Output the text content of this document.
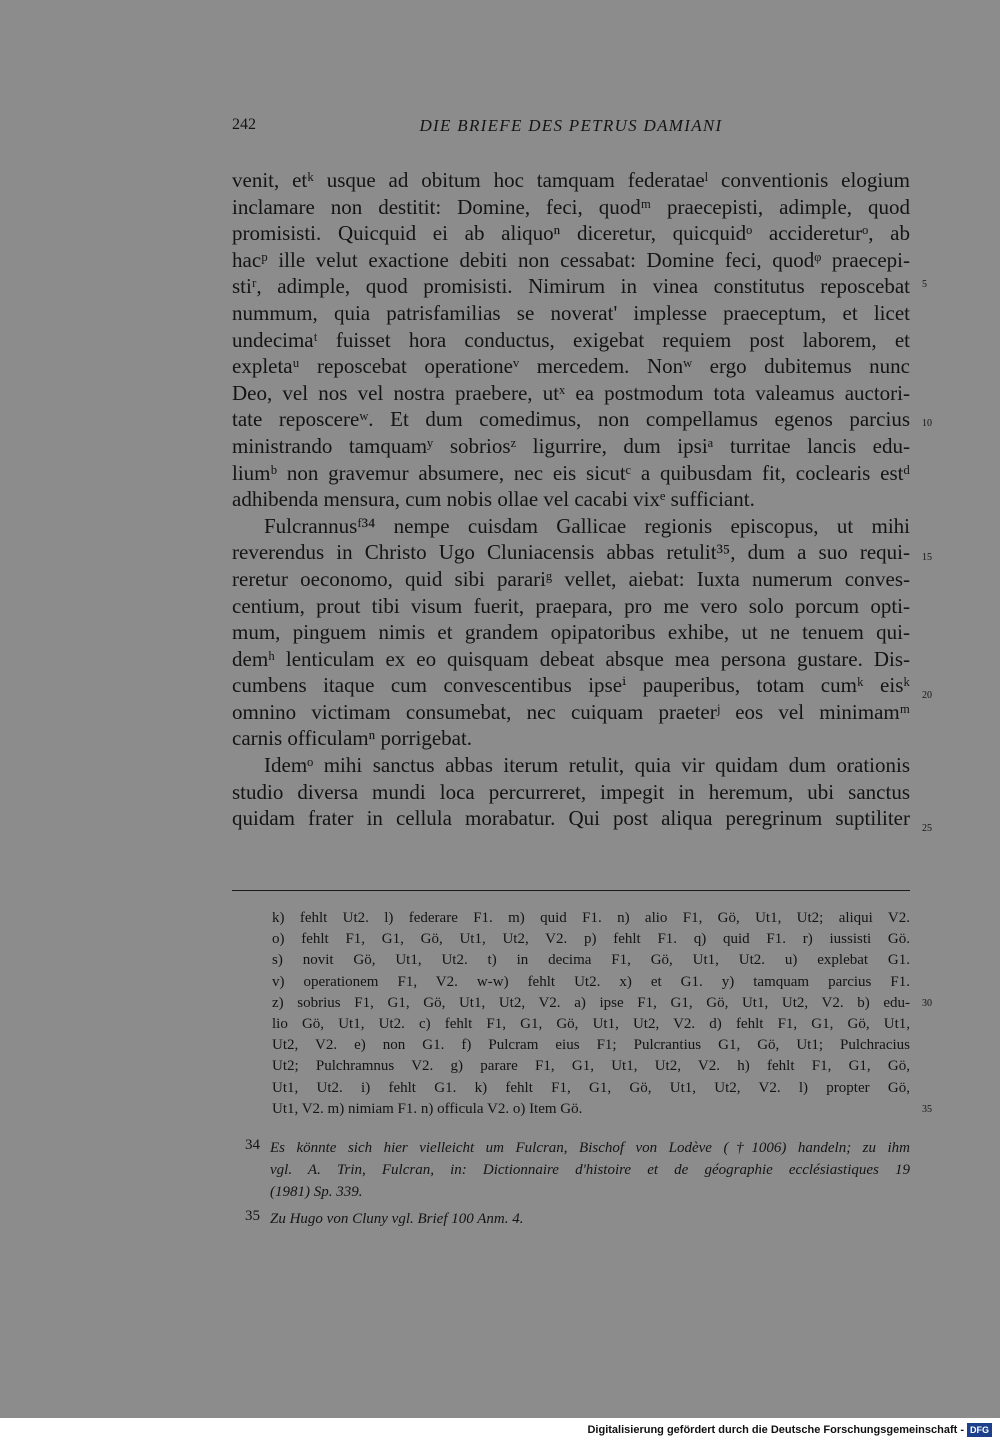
242	DIE BRIEFE DES PETRUS DAMIANI
venit, etᵏ usque ad obitum hoc tamquam federataeˡ conventionis elogium
inclamare non destitit: Domine, feci, quodᵐ praecepisti, adimple, quod
promisisti. Quicquid ei ab aliquoⁿ diceretur, quicquidᵒ accidereturᵒ, ab
hacᵖ ille velut exactione debiti non cessabat: Domine feci, quodᵠ praecepi-
stiʳ, adimple, quod promisisti. Nimirum in vinea constitutus reposcebat
nummum, quia patrisfamilias se noverat' implesse praeceptum, et licet
undecimaᵗ fuisset hora conductus, exigebat requiem post laborem, et
expletaᵘ reposcebat operationeᵛ mercedem. Nonʷ ergo dubitemus nunc
Deo, vel nos vel nostra praebere, utˣ ea postmodum tota valeamus auctori-
tate reposcereʷ. Et dum comedimus, non compellamus egenos parcius
ministrando tamquamʸ sobriosᶻ ligurrire, dum ipsiᵃ turritae lancis edu-
liumᵇ non gravemur absumere, nec eis sicutᶜ a quibusdam fit, coclearis estᵈ
adhibenda mensura, cum nobis ollae vel cacabi vixᵉ sufficiant.
Fulcrannusᶠ³⁴ nempe cuisdam Gallicae regionis episcopus, ut mihi
reverendus in Christo Ugo Cluniacensis abbas retulit³⁵, dum a suo requi-
reretur oeconomo, quid sibi parariᵍ vellet, aiebat: Iuxta numerum conves-
centium, prout tibi visum fuerit, praepara, pro me vero solo porcum opti-
mum, pinguem nimis et grandem opipatoribus exhibe, ut ne tenuem qui-
demʰ lenticulam ex eo quisquam debeat absque mea persona gustare. Dis-
cumbens itaque cum convescentibus ipseⁱ pauperibus, totam cumᵏ eisᵏ
omnino victimam consumebat, nec cuiquam praeterʲ eos vel minimamᵐ
carnis officulamⁿ porrigebat.
Idemᵒ mihi sanctus abbas iterum retulit, quia vir quidam dum orationis
studio diversa mundi loca percurreret, impegit in heremum, ubi sanctus
quidam frater in cellula morabatur. Qui post aliqua peregrinum suptiliter
5
10
15
20
25
k) fehlt Ut2. l) federare F1. m) quid F1. n) alio F1, Gö, Ut1, Ut2; aliqui V2.
o) fehlt F1, G1, Gö, Ut1, Ut2, V2. p) fehlt F1. q) quid F1. r) iussisti Gö.
s) novit Gö, Ut1, Ut2. t) in decima F1, Gö, Ut1, Ut2. u) explebat G1.
v) operationem F1, V2. w-w) fehlt Ut2. x) et G1. y) tamquam parcius F1.
z) sobrius F1, G1, Gö, Ut1, Ut2, V2. a) ipse F1, G1, Gö, Ut1, Ut2, V2. b) edu-
lio Gö, Ut1, Ut2. c) fehlt F1, G1, Gö, Ut1, Ut2, V2. d) fehlt F1, G1, Gö, Ut1,
Ut2, V2. e) non G1. f) Pulcram eius F1; Pulcrantius G1, Gö, Ut1; Pulchracius
Ut2; Pulchramnus V2. g) parare F1, G1, Ut1, Ut2, V2. h) fehlt F1, G1, Gö,
Ut1, Ut2. i) fehlt G1. k) fehlt F1, G1, Gö, Ut1, Ut2, V2. l) propter Gö,
Ut1, V2. m) nimiam F1. n) officula V2. o) Item Gö.
30
35
34 Es könnte sich hier vielleicht um Fulcran, Bischof von Lodève (†1006) handeln; zu ihm
vgl. A. Trin, Fulcran, in: Dictionnaire d'histoire et de géographie ecclésiastiques 19
(1981) Sp. 339.
35 Zu Hugo von Cluny vgl. Brief 100 Anm. 4.
Digitalisierung gefördert durch die Deutsche Forschungsgemeinschaft - DFG
